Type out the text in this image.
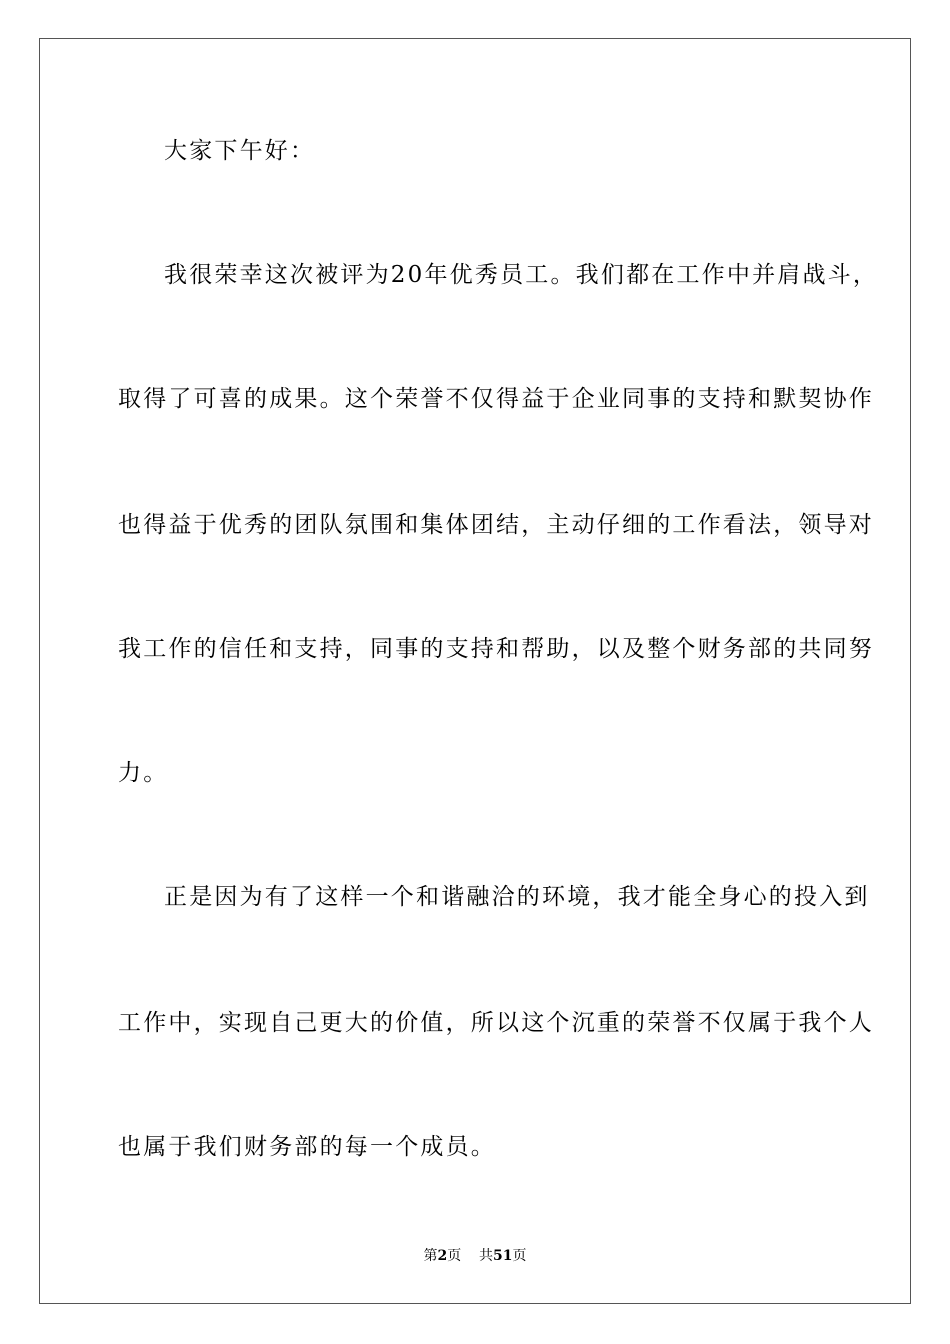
大家下午好：
我很荣幸这次被评为20年优秀员工。我们都在工作中并肩战斗，
取得了可喜的成果。这个荣誉不仅得益于企业同事的支持和默契协作
也得益于优秀的团队氛围和集体团结，主动仔细的工作看法，领导对
我工作的信任和支持，同事的支持和帮助，以及整个财务部的共同努
力。
正是因为有了这样一个和谐融洽的环境，我才能全身心的投入到
工作中，实现自己更大的价值，所以这个沉重的荣誉不仅属于我个人
也属于我们财务部的每一个成员。
第2页 共51页
